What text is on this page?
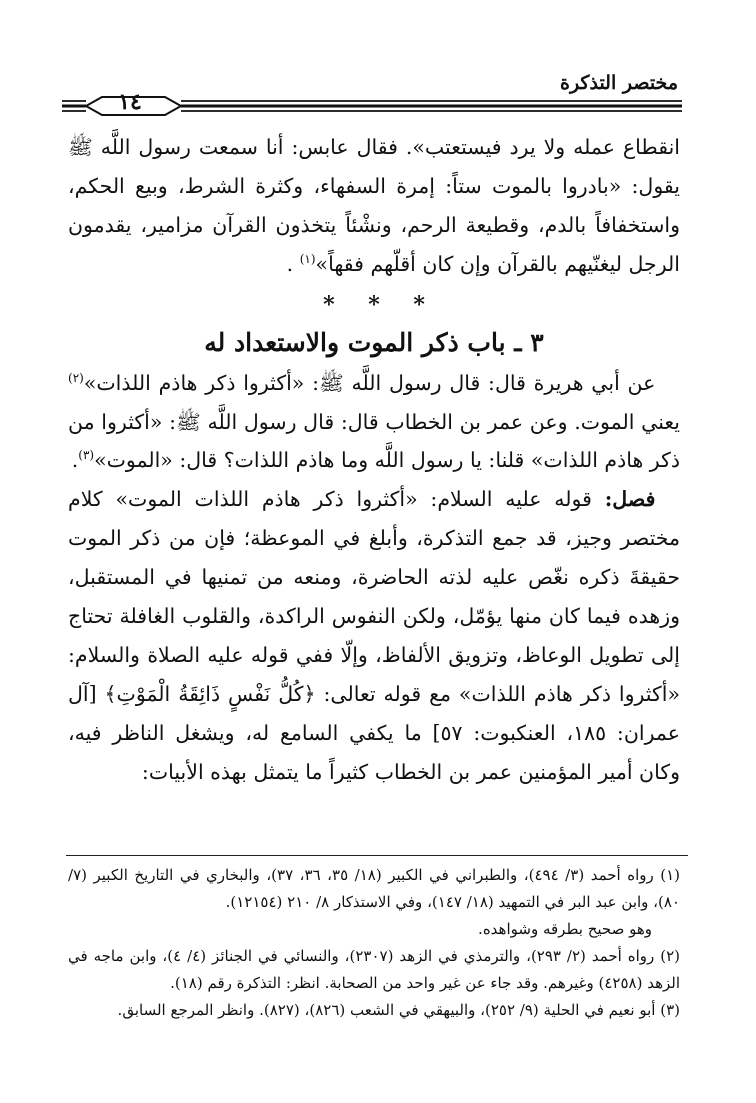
مختصر التذكرة
١٤

انقطاع عمله ولا يرد فيستعتب». فقال عابس: أنا سمعت رسول اللَّه ﷺ يقول: «بادروا بالموت ستاً: إمرة السفهاء، وكثرة الشرط، وبيع الحكم، واستخفافاً بالدم، وقطيعة الرحم، ونشْئاً يتخذون القرآن مزامير، يقدمون الرجل ليغنّيهم بالقرآن وإن كان أقلّهم فقهاً»$^{(١)}$ .

* * *
٣ ـ باب ذكر الموت والاستعداد له

عن أبي هريرة قال: قال رسول اللَّه ﷺ: «أكثروا ذكر هاذم اللذات»$^{(٢)}$ يعني الموت. وعن عمر بن الخطاب قال: قال رسول اللَّه ﷺ: «أكثروا من ذكر هاذم اللذات» قلنا: يا رسول اللَّه وما هاذم اللذات؟ قال: «الموت»$^{(٣)}$.

فصل: قوله عليه السلام: «أكثروا ذكر هاذم اللذات الموت» كلام مختصر وجيز، قد جمع التذكرة، وأبلغ في الموعظة؛ فإن من ذكر الموت حقيقةَ ذكره نغّص عليه لذته الحاضرة، ومنعه من تمنيها في المستقبل، وزهده فيما كان منها يؤمّل، ولكن النفوس الراكدة، والقلوب الغافلة تحتاج إلى تطويل الوعاظ، وتزويق الألفاظ، وإلّا ففي قوله عليه الصلاة والسلام: «أكثروا ذكر هاذم اللذات» مع قوله تعالى: ﴿كُلُّ نَفْسٍ ذَائِقَةُ الْمَوْتِ﴾ [آل عمران: ١٨٥، العنكبوت: ٥٧] ما يكفي السامع له، ويشغل الناظر فيه، وكان أمير المؤمنين عمر بن الخطاب كثيراً ما يتمثل بهذه الأبيات:

(١) رواه أحمد (٣/ ٤٩٤)، والطبراني في الكبير (١٨/ ٣٥، ٣٦، ٣٧)، والبخاري في التاريخ الكبير (٧/ ٨٠)، وابن عبد البر في التمهيد (١٨/ ١٤٧)، وفي الاستذكار ٨/ ٢١٠ (١٢١٥٤).

وهو صحيح بطرقه وشواهده.

(٢) رواه أحمد (٢/ ٢٩٣)، والترمذي في الزهد (٢٣٠٧)، والنسائي في الجنائز (٤/ ٤)، وابن ماجه في الزهد (٤٢٥٨) وغيرهم. وقد جاء عن غير واحد من الصحابة. انظر: التذكرة رقم (١٨).

(٣) أبو نعيم في الحلية (٩/ ٢٥٢)، والبيهقي في الشعب (٨٢٦)، (٨٢٧). وانظر المرجع السابق.
